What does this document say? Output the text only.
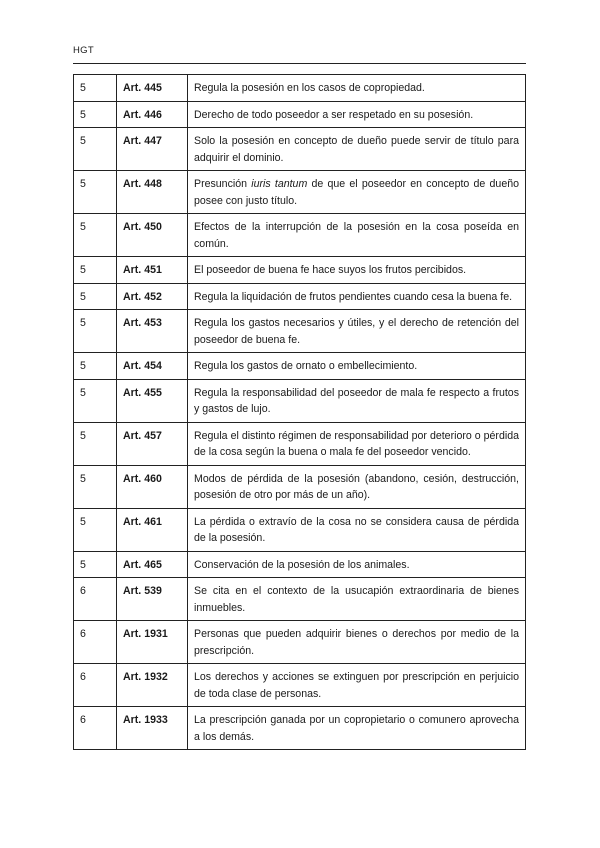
HGT
5	Art. 445	Regula la posesión en los casos de copropiedad.
5	Art. 446	Derecho de todo poseedor a ser respetado en su posesión.
5	Art. 447	Solo la posesión en concepto de dueño puede servir de título para adquirir el dominio.
5	Art. 448	Presunción iuris tantum de que el poseedor en concepto de dueño posee con justo título.
5	Art. 450	Efectos de la interrupción de la posesión en la cosa poseída en común.
5	Art. 451	El poseedor de buena fe hace suyos los frutos percibidos.
5	Art. 452	Regula la liquidación de frutos pendientes cuando cesa la buena fe.
5	Art. 453	Regula los gastos necesarios y útiles, y el derecho de retención del poseedor de buena fe.
5	Art. 454	Regula los gastos de ornato o embellecimiento.
5	Art. 455	Regula la responsabilidad del poseedor de mala fe respecto a frutos y gastos de lujo.
5	Art. 457	Regula el distinto régimen de responsabilidad por deterioro o pérdida de la cosa según la buena o mala fe del poseedor vencido.
5	Art. 460	Modos de pérdida de la posesión (abandono, cesión, destrucción, posesión de otro por más de un año).
5	Art. 461	La pérdida o extravío de la cosa no se considera causa de pérdida de la posesión.
5	Art. 465	Conservación de la posesión de los animales.
6	Art. 539	Se cita en el contexto de la usucapión extraordinaria de bienes inmuebles.
6	Art. 1931	Personas que pueden adquirir bienes o derechos por medio de la prescripción.
6	Art. 1932	Los derechos y acciones se extinguen por prescripción en perjuicio de toda clase de personas.
6	Art. 1933	La prescripción ganada por un copropietario o comunero aprovecha a los demás.
